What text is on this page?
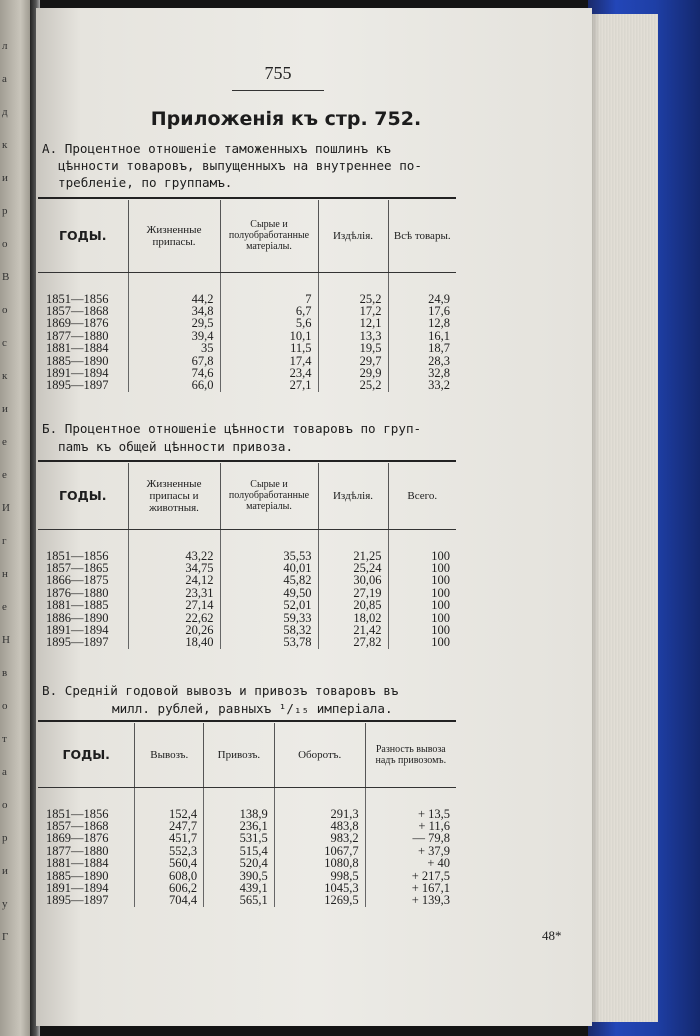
л
а
д
к
и
р
о
В
о
с
к
и
е
е
И
г
н
е
Н
в
о
т
а
о
р
и
у
Г
755
Приложенія къ стр. 752.
А. Процентное отношеніе таможенныхъ пошлинъ къ
цѣнности товаровъ, выпущенныхъ на внутреннее по-
требленіе, по группамъ.
ГОДЫ.	Жизненные припасы.	Сырые и полуобработанные матеріалы.	Издѣлія.	Всѣ товары.

1851—1856	44,2	7	25,2	24,9
1857—1868	34,8	6,7	17,2	17,6
1869—1876	29,5	5,6	12,1	12,8
1877—1880	39,4	10,1	13,3	16,1
1881—1884	35	11,5	19,5	18,7
1885—1890	67,8	17,4	29,7	28,3
1891—1894	74,6	23,4	29,9	32,8
1895—1897	66,0	27,1	25,2	33,2
Б. Процентное отношеніе цѣнности товаровъ по груп-
пamъ къ общей цѣнности привоза.
ГОДЫ.	Жизненные припасы и животныя.	Сырые и полуобработанные матеріалы.	Издѣлія.	Всего.

1851—1856	43,22	35,53	21,25	100
1857—1865	34,75	40,01	25,24	100
1866—1875	24,12	45,82	30,06	100
1876—1880	23,31	49,50	27,19	100
1881—1885	27,14	52,01	20,85	100
1886—1890	22,62	59,33	18,02	100
1891—1894	20,26	58,32	21,42	100
1895—1897	18,40	53,78	27,82	100
В. Средній годовой вывозъ и привозъ товаровъ въ
милл. рублей, равныхъ ¹/₁₅ имперіала.
ГОДЫ.	Вывозъ.	Привозъ.	Оборотъ.	Разность вывоза надъ привозомъ.

1851—1856	152,4	138,9	291,3	+ 13,5
1857—1868	247,7	236,1	483,8	+ 11,6
1869—1876	451,7	531,5	983,2	— 79,8
1877—1880	552,3	515,4	1067,7	+ 37,9
1881—1884	560,4	520,4	1080,8	+ 40
1885—1890	608,0	390,5	998,5	+ 217,5
1891—1894	606,2	439,1	1045,3	+ 167,1
1895—1897	704,4	565,1	1269,5	+ 139,3
48*
